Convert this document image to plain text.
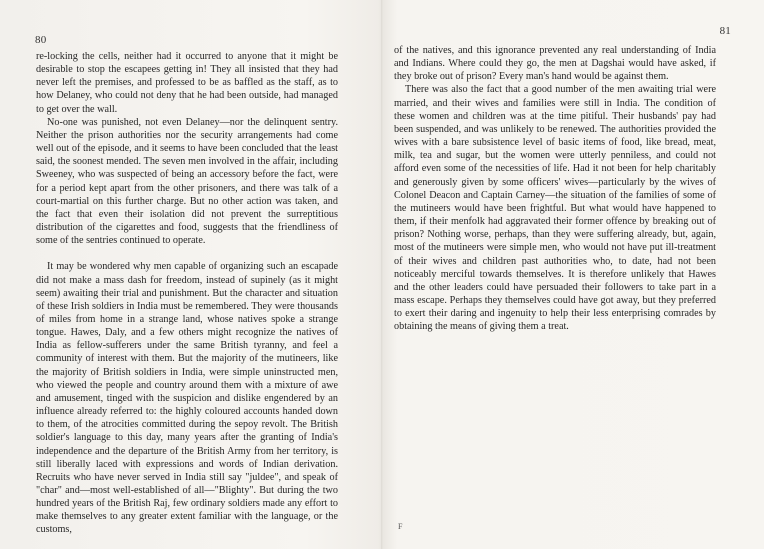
80

re-locking the cells, neither had it occurred to anyone that it might be desirable to stop the escapees getting in! They all insisted that they had never left the premises, and professed to be as baffled as the staff, as to how Delaney, who could not deny that he had been outside, had managed to get over the wall.

No-one was punished, not even Delaney—nor the delinquent sentry. Neither the prison authorities nor the security arrangements had come well out of the episode, and it seems to have been concluded that the least said, the soonest mended. The seven men involved in the affair, including Sweeney, who was suspected of being an accessory before the fact, were for a period kept apart from the other prisoners, and there was talk of a court-martial on this further charge. But no other action was taken, and the fact that even their isolation did not prevent the surreptitious distribution of the cigarettes and food, suggests that the friendliness of some of the sentries continued to operate.

It may be wondered why men capable of organizing such an escapade did not make a mass dash for freedom, instead of supinely (as it might seem) awaiting their trial and punishment. But the character and situation of these Irish soldiers in India must be remembered. They were thousands of miles from home in a strange land, whose natives spoke a strange tongue. Hawes, Daly, and a few others might recognize the natives of India as fellow-sufferers under the same British tyranny, and feel a community of interest with them. But the majority of the mutineers, like the majority of British soldiers in India, were simple uninstructed men, who viewed the people and country around them with a mixture of awe and amusement, tinged with the suspicion and dislike engendered by an influence already referred to: the highly coloured accounts handed down to them, of the atrocities committed during the sepoy revolt. The British soldier's language to this day, many years after the granting of India's independence and the departure of the British Army from her territory, is still liberally laced with expressions and words of Indian derivation. Recruits who have never served in India still say "juldee", and speak of "char" and—most well-established of all—"Blighty". But during the two hundred years of the British Raj, few ordinary soldiers made any effort to make themselves to any greater extent familiar with the language, or the customs,

81

of the natives, and this ignorance prevented any real understanding of India and Indians. Where could they go, the men at Dagshai would have asked, if they broke out of prison? Every man's hand would be against them.

There was also the fact that a good number of the men awaiting trial were married, and their wives and families were still in India. The condition of these women and children was at the time pitiful. Their husbands' pay had been suspended, and was unlikely to be renewed. The authorities provided the wives with a bare subsistence level of basic items of food, like bread, meat, milk, tea and sugar, but the women were utterly penniless, and could not afford even some of the necessities of life. Had it not been for help charitably and generously given by some officers' wives—particularly by the wives of Colonel Deacon and Captain Carney—the situation of the families of some of the mutineers would have been frightful. But what would have happened to them, if their menfolk had aggravated their former offence by breaking out of prison? Nothing worse, perhaps, than they were suffering already, but, again, most of the mutineers were simple men, who would not have put ill-treatment of their wives and children past authorities who, to date, had not been noticeably merciful towards themselves. It is therefore unlikely that Hawes and the other leaders could have persuaded their followers to take part in a mass escape. Perhaps they themselves could have got away, but they preferred to exert their daring and ingenuity to help their less enterprising comrades by obtaining the means of giving them a treat.

F
